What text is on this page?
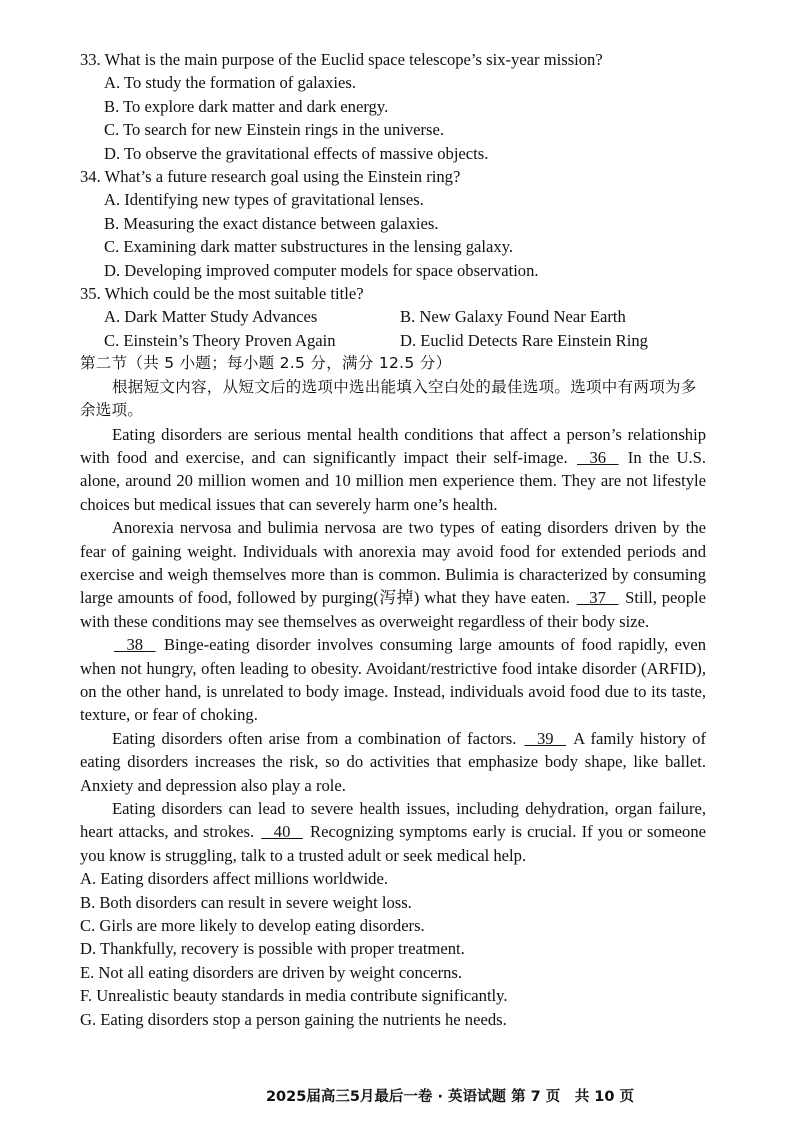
33. What is the main purpose of the Euclid space telescope’s six-year mission?
A. To study the formation of galaxies.
B. To explore dark matter and dark energy.
C. To search for new Einstein rings in the universe.
D. To observe the gravitational effects of massive objects.
34. What’s a future research goal using the Einstein ring?
A. Identifying new types of gravitational lenses.
B. Measuring the exact distance between galaxies.
C. Examining dark matter substructures in the lensing galaxy.
D. Developing improved computer models for space observation.
35. Which could be the most suitable title?
A. Dark Matter Study Advances	B. New Galaxy Found Near Earth
C. Einstein’s Theory Proven Again	D. Euclid Detects Rare Einstein Ring
第二节（共 5 小题；每小题 2.5 分，满分 12.5 分）
根据短文内容，从短文后的选项中选出能填入空白处的最佳选项。选项中有两项为多余选项。

Eating disorders are serious mental health conditions that affect a person’s relationship with food and exercise, and can significantly impact their self-image. 36 In the U.S. alone, around 20 million women and 10 million men experience them. They are not lifestyle choices but medical issues that can severely harm one’s health.

Anorexia nervosa and bulimia nervosa are two types of eating disorders driven by the fear of gaining weight. Individuals with anorexia may avoid food for extended periods and exercise and weigh themselves more than is common. Bulimia is characterized by consuming large amounts of food, followed by purging(泻掉) what they have eaten. 37 Still, people with these conditions may see themselves as overweight regardless of their body size.

38 Binge-eating disorder involves consuming large amounts of food rapidly, even when not hungry, often leading to obesity. Avoidant/restrictive food intake disorder (ARFID), on the other hand, is unrelated to body image. Instead, individuals avoid food due to its taste, texture, or fear of choking.

Eating disorders often arise from a combination of factors. 39 A family history of eating disorders increases the risk, so do activities that emphasize body shape, like ballet. Anxiety and depression also play a role.

Eating disorders can lead to severe health issues, including dehydration, organ failure, heart attacks, and strokes. 40 Recognizing symptoms early is crucial. If you or someone you know is struggling, talk to a trusted adult or seek medical help.

A. Eating disorders affect millions worldwide.
B. Both disorders can result in severe weight loss.
C. Girls are more likely to develop eating disorders.
D. Thankfully, recovery is possible with proper treatment.
E. Not all eating disorders are driven by weight concerns.
F. Unrealistic beauty standards in media contribute significantly.
G. Eating disorders stop a person gaining the nutrients he needs.
2025届高三5月最后一卷 · 英语试题 第 7 页　共 10 页
